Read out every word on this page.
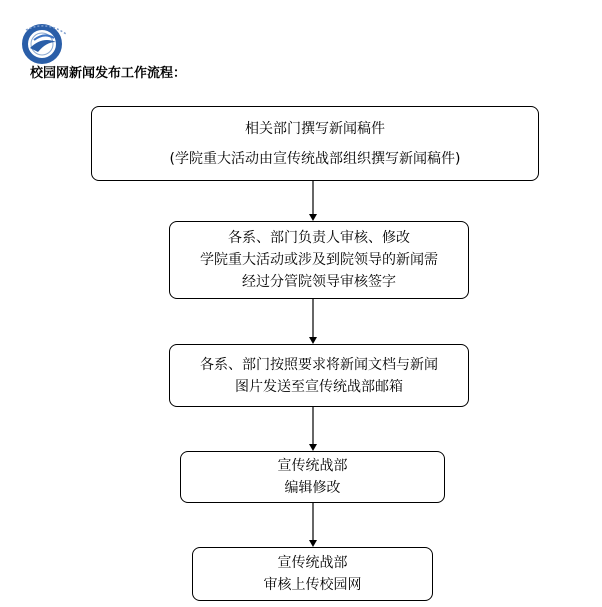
校园网新闻发布工作流程：
相关部门撰写新闻稿件
(学院重大活动由宣传统战部组织撰写新闻稿件)
各系、部门负责人审核、修改
学院重大活动或涉及到院领导的新闻需
经过分管院领导审核签字
各系、部门按照要求将新闻文档与新闻
图片发送至宣传统战部邮箱
宣传统战部
编辑修改
宣传统战部
审核上传校园网
